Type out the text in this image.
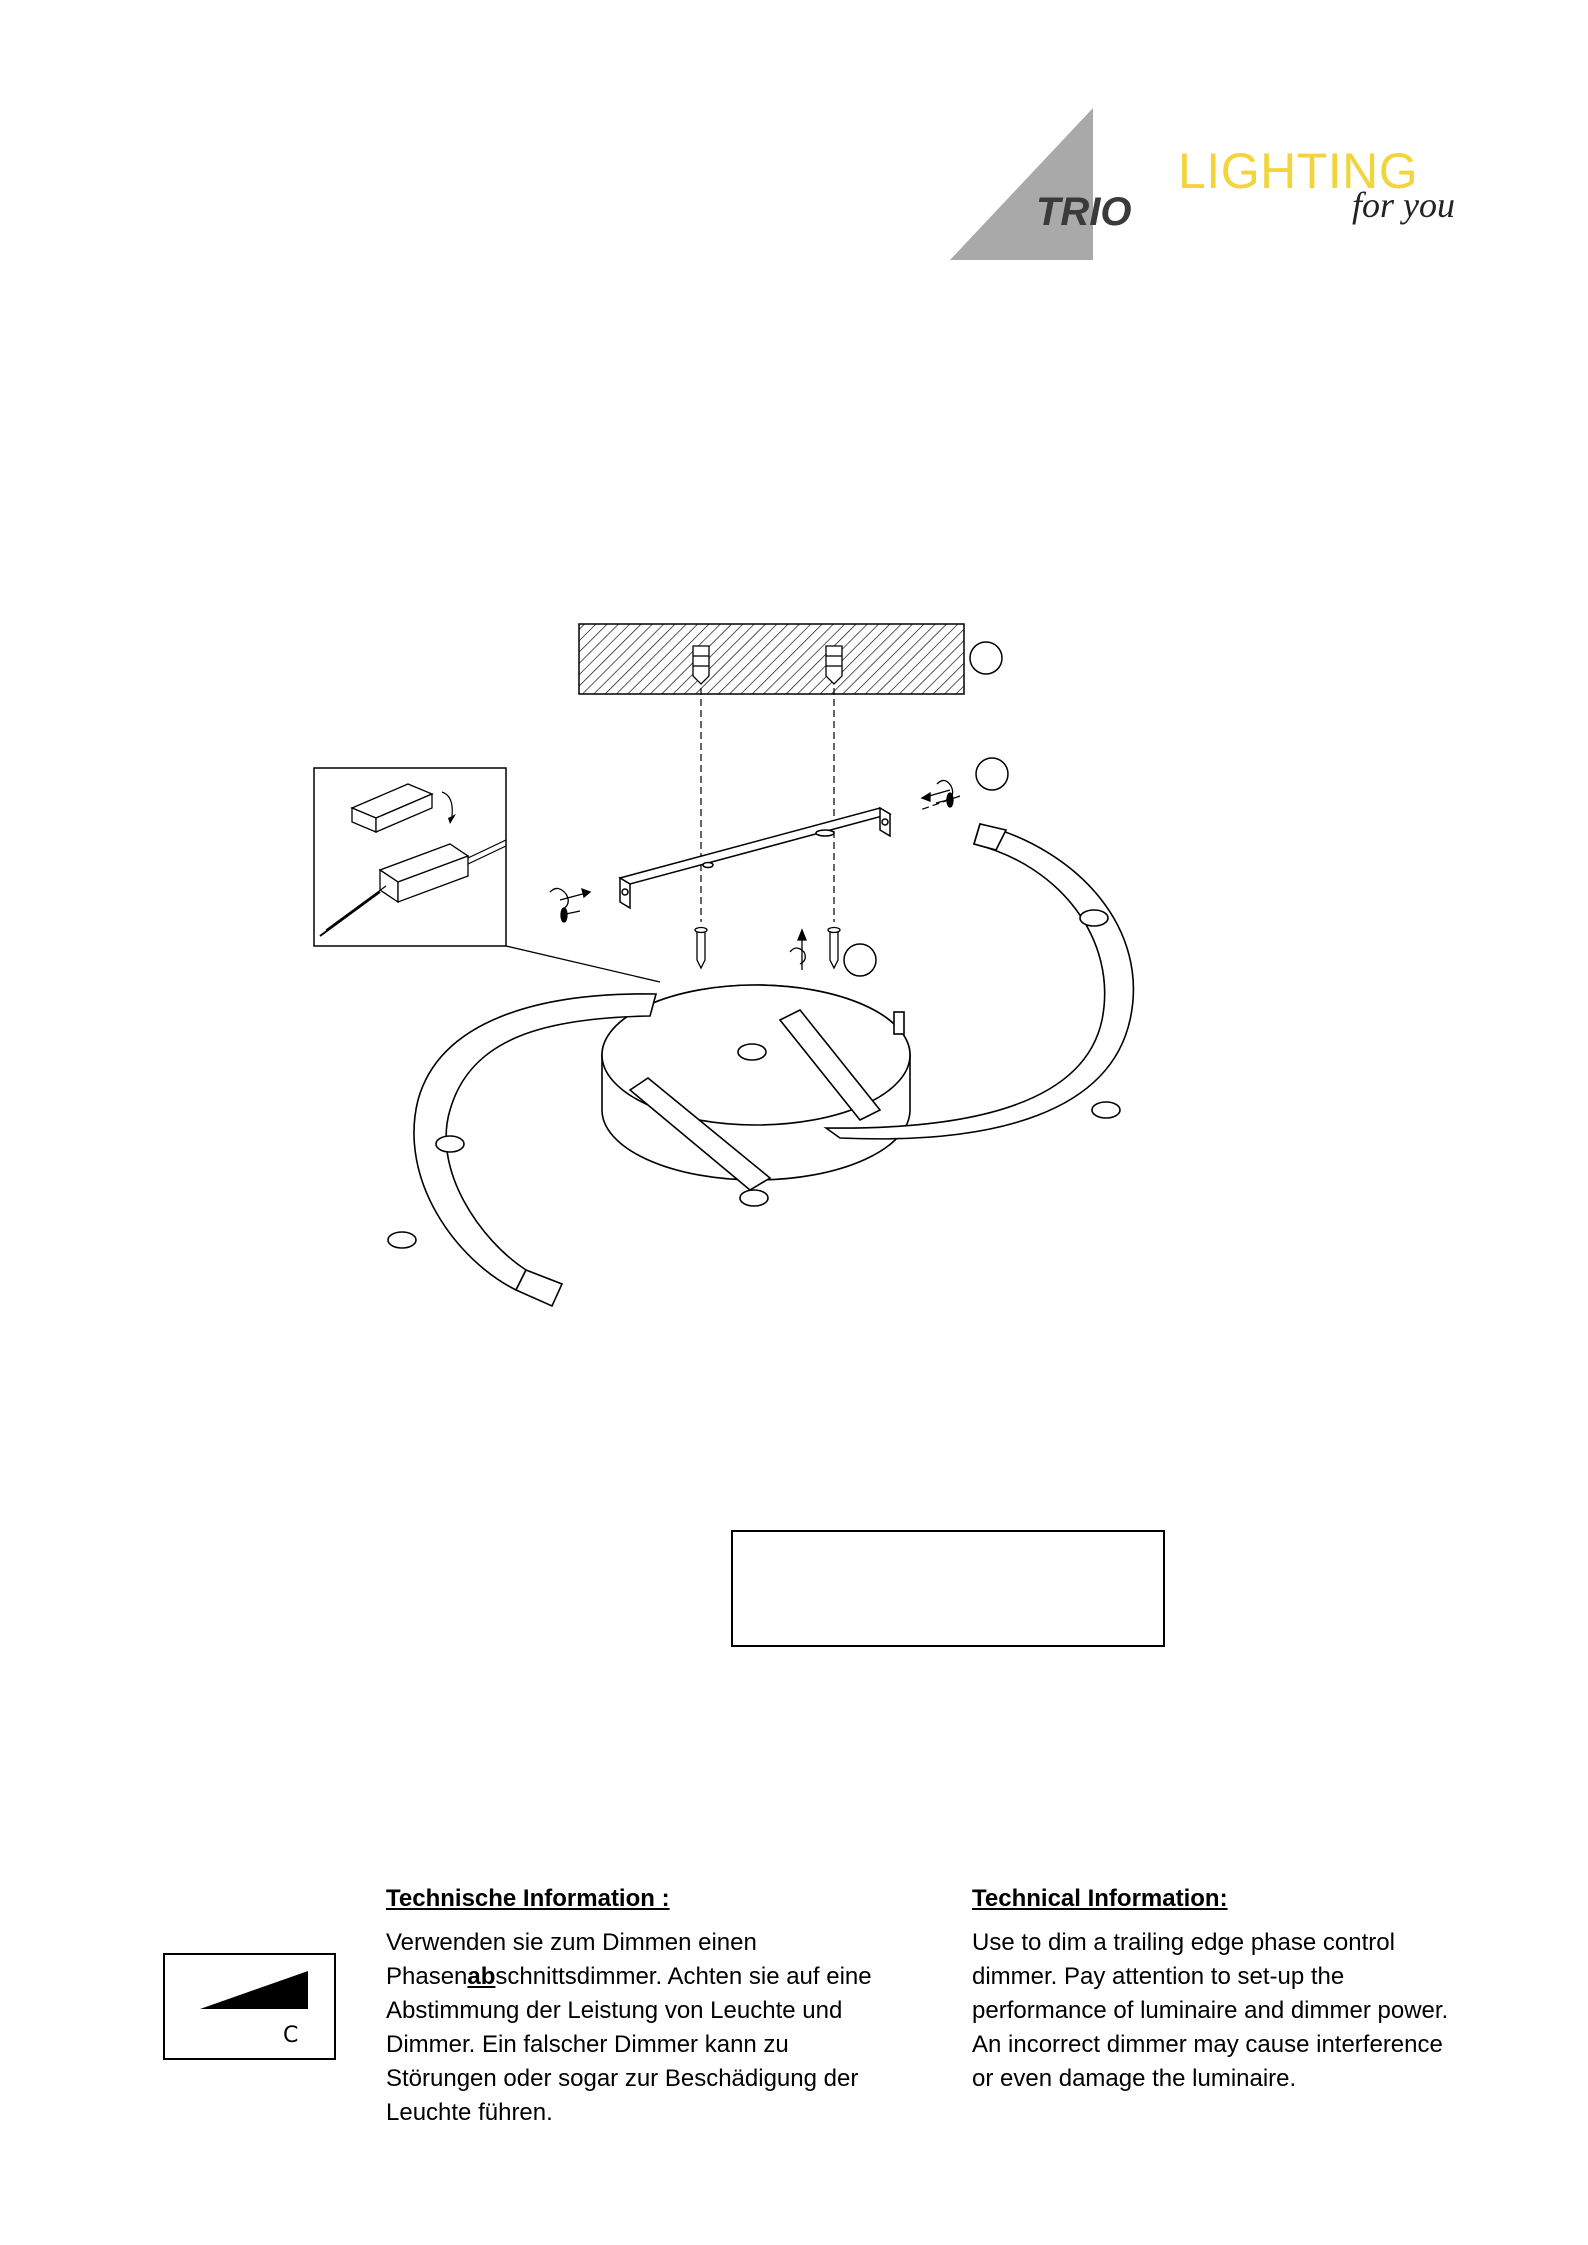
TRIO
LIGHTING
for you
C
Technische Information :
Verwenden sie zum Dimmen einen
Phasenabschnittsdimmer. Achten sie auf eine
Abstimmung der Leistung von Leuchte und
Dimmer. Ein falscher Dimmer kann zu
Störungen oder sogar zur Beschädigung der
Leuchte führen.
Technical Information:
Use to dim a trailing edge phase control
dimmer. Pay attention to set-up the
performance of luminaire and dimmer power.
An incorrect dimmer may cause interference
or even damage the luminaire.
